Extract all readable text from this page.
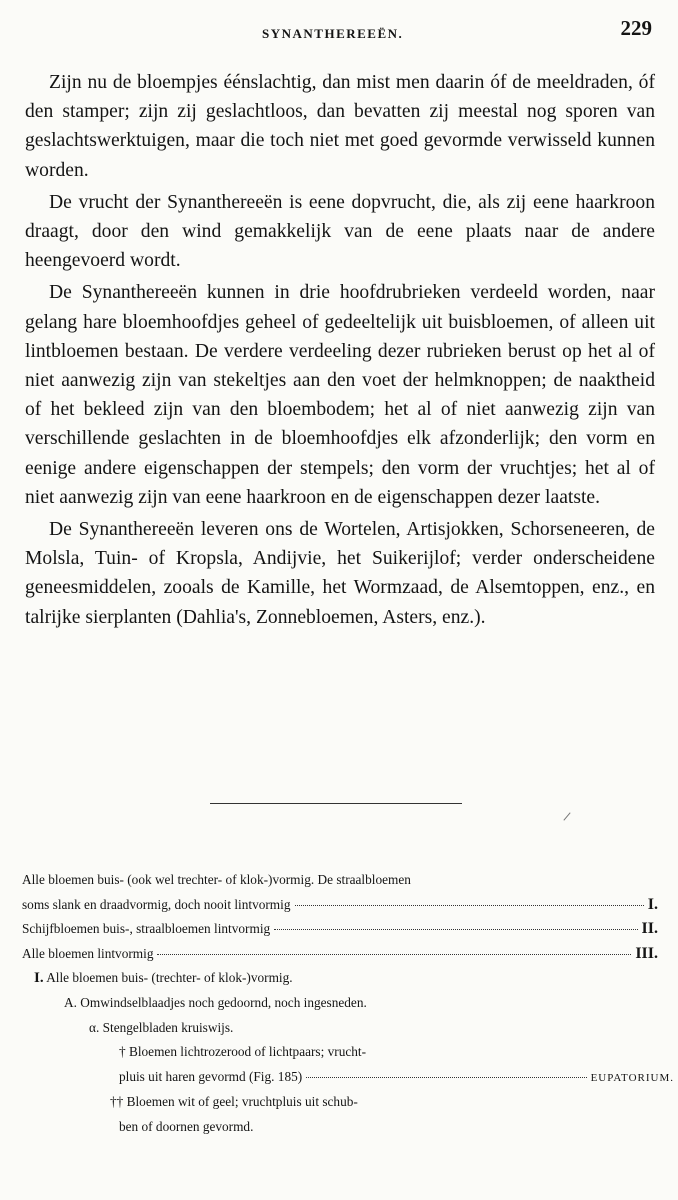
SYNANTHEREEËN.	229

Zijn nu de bloempjes éénslachtig, dan mist men daarin óf de meeldraden, óf den stamper; zijn zij geslachtloos, dan bevatten zij meestal nog sporen van geslachtswerktuigen, maar die toch niet met goed gevormde verwisseld kunnen worden.

De vrucht der Synanthereeën is eene dopvrucht, die, als zij eene haarkroon draagt, door den wind gemakkelijk van de eene plaats naar de andere heengevoerd wordt.

De Synanthereeën kunnen in drie hoofdrubrieken verdeeld worden, naar gelang hare bloemhoofdjes geheel of gedeeltelijk uit buisbloemen, of alleen uit lintbloemen bestaan. De verdere verdeeling dezer rubrieken berust op het al of niet aanwezig zijn van stekeltjes aan den voet der helmknoppen; de naaktheid of het bekleed zijn van den bloembodem; het al of niet aanwezig zijn van verschillende geslachten in de bloemhoofdjes elk afzonderlijk; den vorm en eenige andere eigenschappen der stempels; den vorm der vruchtjes; het al of niet aanwezig zijn van eene haarkroon en de eigenschappen dezer laatste.

De Synanthereeën leveren ons de Wortelen, Artisjokken, Schorseneeren, de Molsla, Tuin- of Kropsla, Andijvie, het Suikerijlof; verder onderscheidene geneesmiddelen, zooals de Kamille, het Wormzaad, de Alsemtoppen, enz., en talrijke sierplanten (Dahlia's, Zonnebloemen, Asters, enz.).

Alle bloemen buis- (ook wel trechter- of klok-)vormig. De straalbloemen
soms slank en draadvormig, doch nooit lintvormig	I.
Schijfbloemen buis-, straalbloemen lintvormig	II.
Alle bloemen lintvormig	III.
I. Alle bloemen buis- (trechter- of klok-)vormig.
A. Omwindselblaadjes noch gedoornd, noch ingesneden.
α. Stengelbladen kruiswijs.
† Bloemen lichtrozerood of lichtpaars; vrucht-
pluis uit haren gevormd (Fig. 185)	EUPATORIUM.
†† Bloemen wit of geel; vruchtpluis uit schub-
ben of doornen gevormd.
